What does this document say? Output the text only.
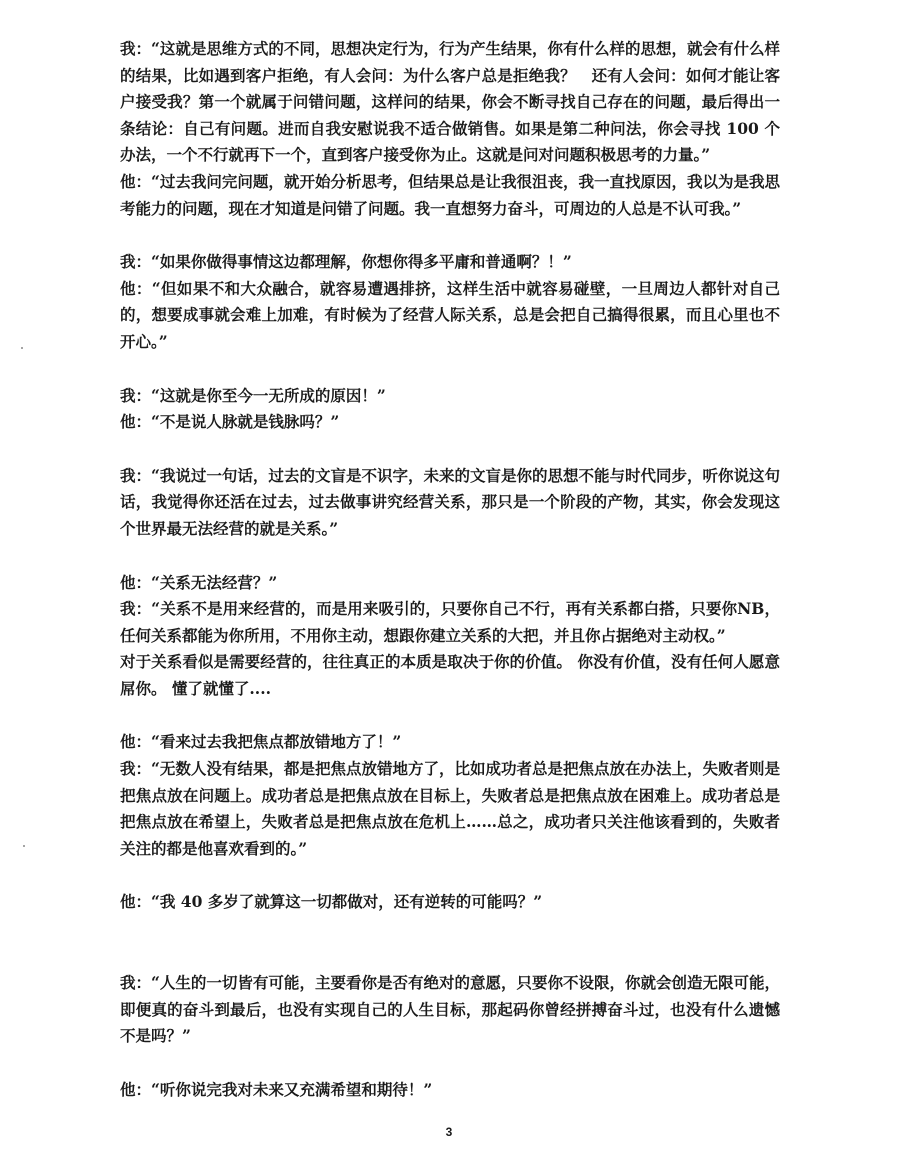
我：“这就是思维方式的不同，思想决定行为，行为产生结果，你有什么样的思想，就会有什么样的结果，比如遇到客户拒绝，有人会问：为什么客户总是拒绝我？　还有人会问：如何才能让客户接受我？第一个就属于问错问题，这样问的结果，你会不断寻找自己存在的问题，最后得出一条结论：自己有问题。进而自我安慰说我不适合做销售。如果是第二种问法，你会寻找 100 个办法，一个不行就再下一个，直到客户接受你为止。这就是问对问题积极思考的力量。”

他：“过去我问完问题，就开始分析思考，但结果总是让我很沮丧，我一直找原因，我以为是我思考能力的问题，现在才知道是问错了问题。我一直想努力奋斗，可周边的人总是不认可我。”

我：“如果你做得事情这边都理解，你想你得多平庸和普通啊？！”

他：“但如果不和大众融合，就容易遭遇排挤，这样生活中就容易碰壁，一旦周边人都针对自己的，想要成事就会难上加难，有时候为了经营人际关系，总是会把自己搞得很累，而且心里也不开心。”

我：“这就是你至今一无所成的原因！”

他：“不是说人脉就是钱脉吗？”

我：“我说过一句话，过去的文盲是不识字，未来的文盲是你的思想不能与时代同步，听你说这句话，我觉得你还活在过去，过去做事讲究经营关系，那只是一个阶段的产物，其实，你会发现这个世界最无法经营的就是关系。”

他：“关系无法经营？”

我：“关系不是用来经营的，而是用来吸引的，只要你自己不行，再有关系都白搭，只要你NB，任何关系都能为你所用，不用你主动，想跟你建立关系的大把，并且你占据绝对主动权。”

对于关系看似是需要经营的，往往真正的本质是取决于你的价值。 你没有价值，没有任何人愿意屌你。 懂了就懂了....

他：“看来过去我把焦点都放错地方了！”

我：“无数人没有结果，都是把焦点放错地方了，比如成功者总是把焦点放在办法上，失败者则是把焦点放在问题上。成功者总是把焦点放在目标上，失败者总是把焦点放在困难上。成功者总是把焦点放在希望上，失败者总是把焦点放在危机上……总之，成功者只关注他该看到的，失败者关注的都是他喜欢看到的。”

他：“我 40 多岁了就算这一切都做对，还有逆转的可能吗？”

我：“人生的一切皆有可能，主要看你是否有绝对的意愿，只要你不设限，你就会创造无限可能，即便真的奋斗到最后，也没有实现自己的人生目标，那起码你曾经拼搏奋斗过，也没有什么遗憾不是吗？”

他：“听你说完我对未来又充满希望和期待！”

3
